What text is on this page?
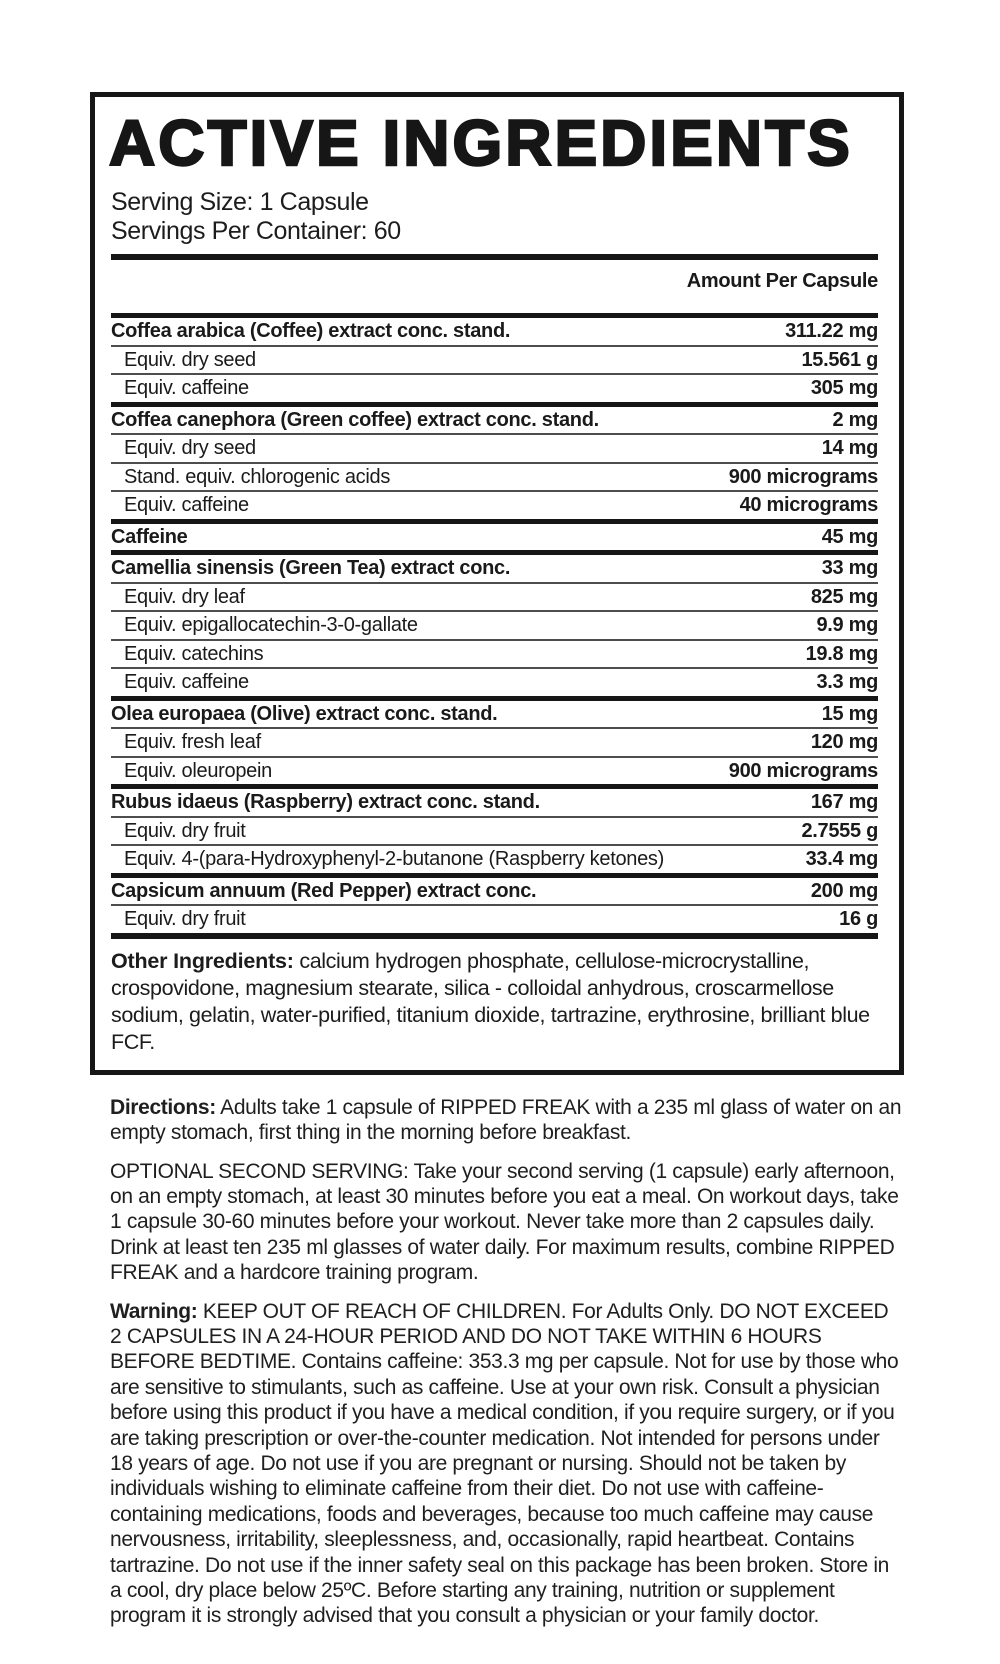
ACTIVE INGREDIENTS
Serving Size: 1 Capsule
Servings Per Container: 60
Amount Per Capsule
Coffea arabica (Coffee) extract conc. stand.	311.22 mg
Equiv. dry seed	15.561 g
Equiv. caffeine	305 mg
Coffea canephora (Green coffee) extract conc. stand.	2 mg
Equiv. dry seed	14 mg
Stand. equiv. chlorogenic acids	900 micrograms
Equiv. caffeine	40 micrograms
Caffeine	45 mg
Camellia sinensis (Green Tea) extract conc.	33 mg
Equiv. dry leaf	825 mg
Equiv. epigallocatechin-3-0-gallate	9.9 mg
Equiv. catechins	19.8 mg
Equiv. caffeine	3.3 mg
Olea europaea (Olive) extract conc. stand.	15 mg
Equiv. fresh leaf	120 mg
Equiv. oleuropein	900 micrograms
Rubus idaeus (Raspberry) extract conc. stand.	167 mg
Equiv. dry fruit	2.7555 g
Equiv. 4-(para-Hydroxyphenyl-2-butanone (Raspberry ketones)	33.4 mg
Capsicum annuum (Red Pepper) extract conc.	200 mg
Equiv. dry fruit	16 g
Other Ingredients: calcium hydrogen phosphate, cellulose-microcrystalline, crospovidone, magnesium stearate, silica - colloidal anhydrous, croscarmellose sodium, gelatin, water-purified, titanium dioxide, tartrazine, erythrosine, brilliant blue FCF.

Directions: Adults take 1 capsule of RIPPED FREAK with a 235 ml glass of water on an empty stomach, first thing in the morning before breakfast.

OPTIONAL SECOND SERVING: Take your second serving (1 capsule) early afternoon, on an empty stomach, at least 30 minutes before you eat a meal. On workout days, take 1 capsule 30-60 minutes before your workout. Never take more than 2 capsules daily. Drink at least ten 235 ml glasses of water daily. For maximum results, combine RIPPED FREAK and a hardcore training program.

Warning: KEEP OUT OF REACH OF CHILDREN. For Adults Only. DO NOT EXCEED 2 CAPSULES IN A 24-HOUR PERIOD AND DO NOT TAKE WITHIN 6 HOURS BEFORE BEDTIME. Contains caffeine: 353.3 mg per capsule. Not for use by those who are sensitive to stimulants, such as caffeine. Use at your own risk. Consult a physician before using this product if you have a medical condition, if you require surgery, or if you are taking prescription or over-the-counter medication. Not intended for persons under 18 years of age. Do not use if you are pregnant or nursing. Should not be taken by individuals wishing to eliminate caffeine from their diet. Do not use with caffeine-containing medications, foods and beverages, because too much caffeine may cause nervousness, irritability, sleeplessness, and, occasionally, rapid heartbeat. Contains tartrazine. Do not use if the inner safety seal on this package has been broken. Store in a cool, dry place below 25ºC. Before starting any training, nutrition or supplement program it is strongly advised that you consult a physician or your family doctor.
